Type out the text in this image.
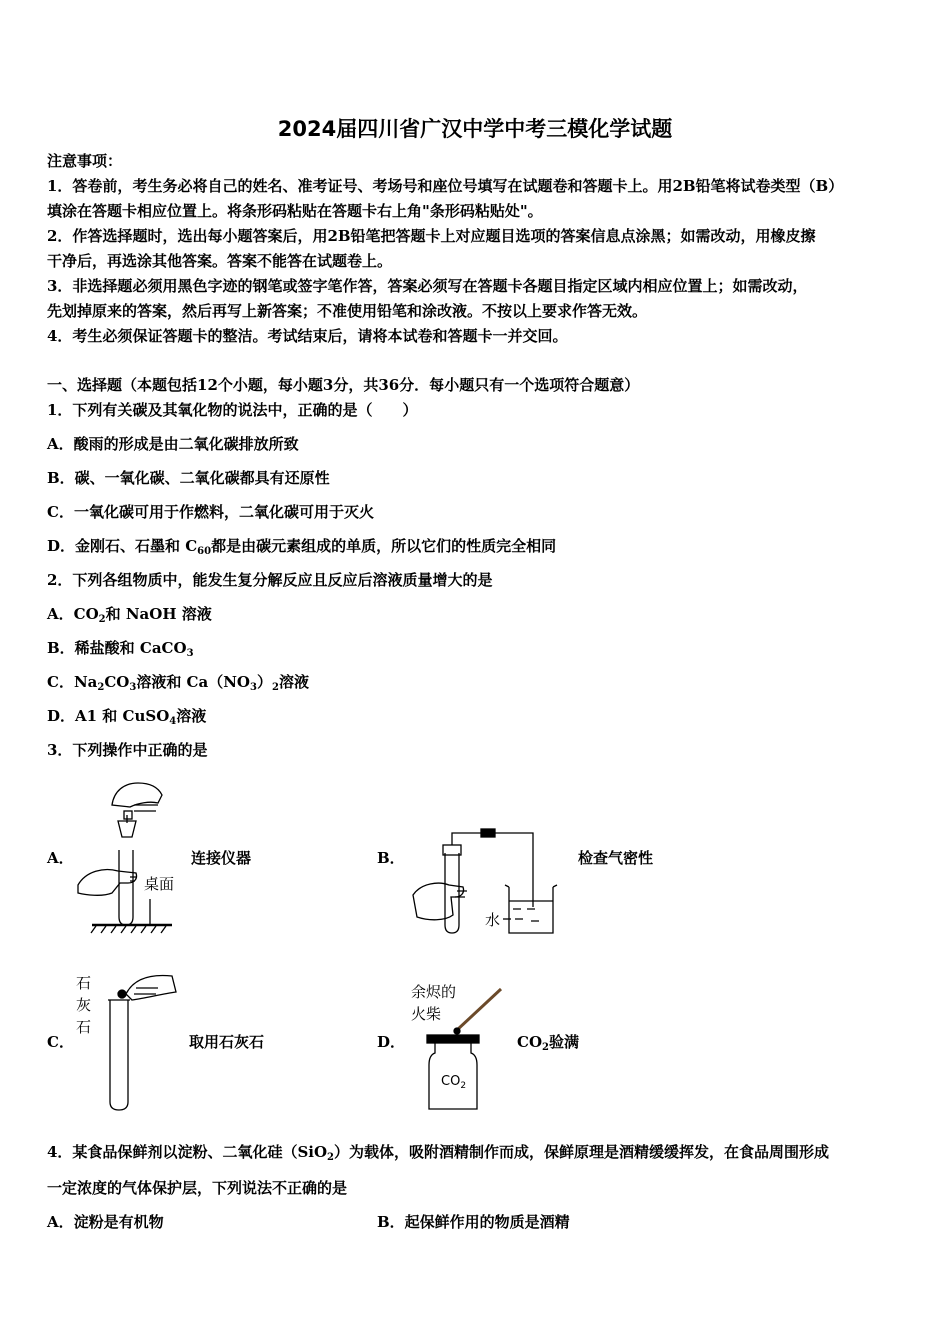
2024届四川省广汉中学中考三模化学试题
注意事项：
1．答卷前，考生务必将自己的姓名、准考证号、考场号和座位号填写在试题卷和答题卡上。用2B铅笔将试卷类型（B）
填涂在答题卡相应位置上。将条形码粘贴在答题卡右上角"条形码粘贴处"。
2．作答选择题时，选出每小题答案后，用2B铅笔把答题卡上对应题目选项的答案信息点涂黑；如需改动，用橡皮擦
干净后，再选涂其他答案。答案不能答在试题卷上。
3．非选择题必须用黑色字迹的钢笔或签字笔作答，答案必须写在答题卡各题目指定区域内相应位置上；如需改动，
先划掉原来的答案，然后再写上新答案；不准使用铅笔和涂改液。不按以上要求作答无效。
4．考生必须保证答题卡的整洁。考试结束后，请将本试卷和答题卡一并交回。
一、选择题（本题包括12个小题，每小题3分，共36分．每小题只有一个选项符合题意）
1．下列有关碳及其氧化物的说法中，正确的是（　　）
A．酸雨的形成是由二氧化碳排放所致
B．碳、一氧化碳、二氧化碳都具有还原性
C．一氧化碳可用于作燃料，二氧化碳可用于灭火
D．金刚石、石墨和 $C_{60}$都是由碳元素组成的单质，所以它们的性质完全相同
2．下列各组物质中，能发生复分解反应且反应后溶液质量增大的是
A．$CO_2$和 NaOH 溶液
B．稀盐酸和 CaCO$_3$
C．$Na_2CO_3$溶液和 $Ca(NO_3)_2$溶液
D．A1 和 CuSO$_4$溶液
3．下列操作中正确的是
A．	连接仪器	B．	检查气密性
C．	取用石灰石	D．	$CO_2$验满
桌面
水
石
灰
石
余烬的
火柴
$CO_2$
4．某食品保鲜剂以淀粉、二氧化硅（SiO$_2$）为载体，吸附酒精制作而成，保鲜原理是酒精缓缓挥发，在食品周围形成
一定浓度的气体保护层，下列说法不正确的是
A．淀粉是有机物	B．起保鲜作用的物质是酒精
